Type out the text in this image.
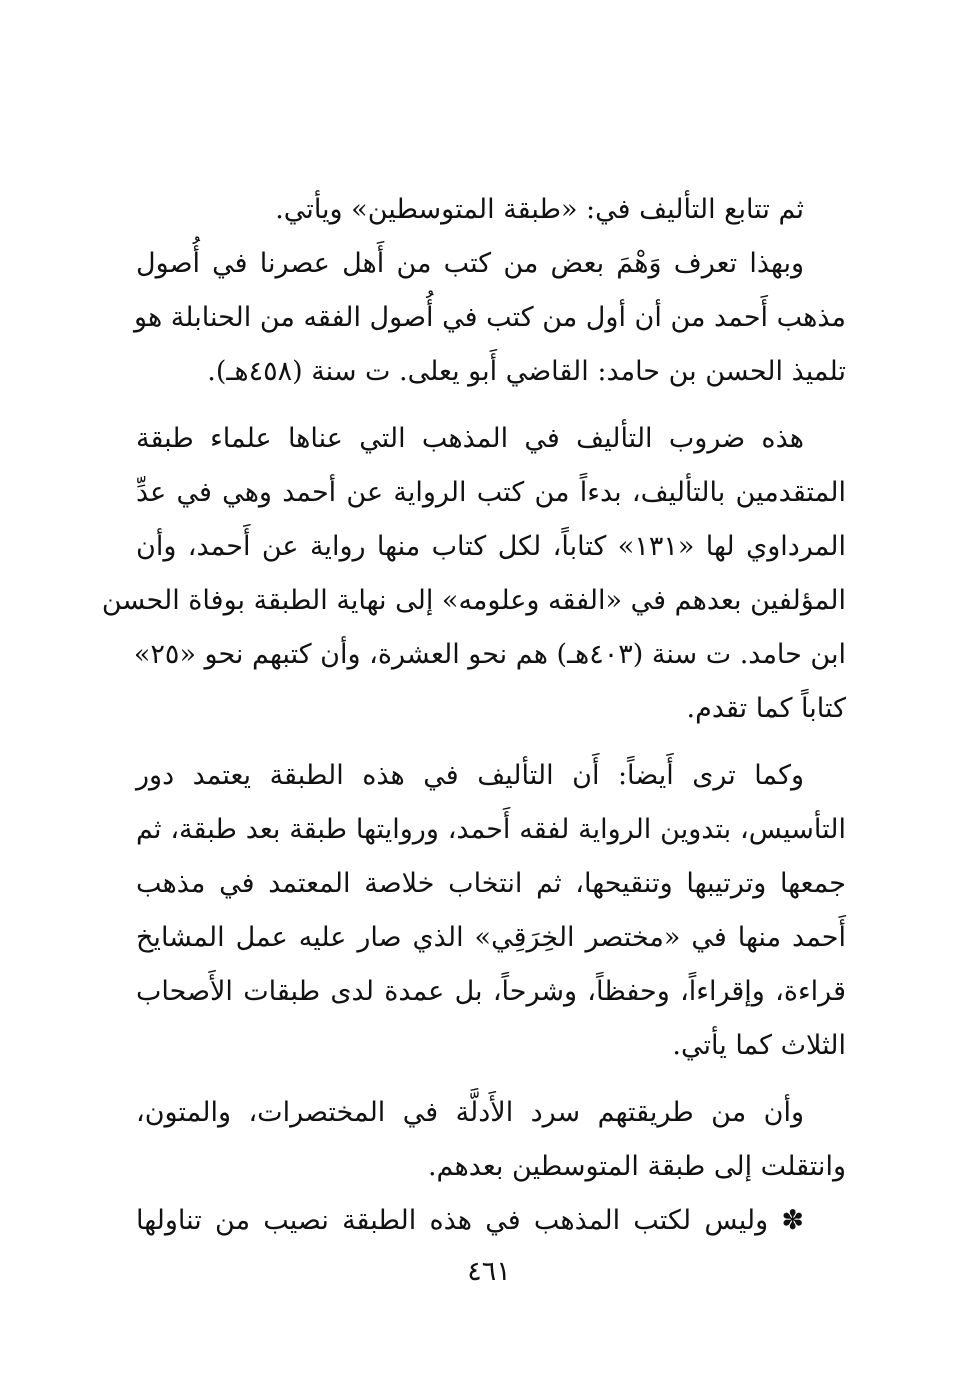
ثم تتابع التأليف في: «طبقة المتوسطين» ويأتي.
وبهذا تعرف وَهْمَ بعض من كتب من أَهل عصرنا في أُصول
مذهب أَحمد من أن أول من كتب في أُصول الفقه من الحنابلة هو
تلميذ الحسن بن حامد: القاضي أَبو يعلى. ت سنة (٤٥٨هـ).
هذه ضروب التأليف في المذهب التي عناها علماء طبقة
المتقدمين بالتأليف، بدءاً من كتب الرواية عن أحمد وهي في عدِّ
المرداوي لها «١٣١» كتاباً، لكل كتاب منها رواية عن أَحمد، وأن
المؤلفين بعدهم في «الفقه وعلومه» إلى نهاية الطبقة بوفاة الحسن
ابن حامد. ت سنة (٤٠٣هـ) هم نحو العشرة، وأن كتبهم نحو «٢٥»
كتاباً كما تقدم.
وكما ترى أَيضاً: أَن التأليف في هذه الطبقة يعتمد دور
التأسيس، بتدوين الرواية لفقه أَحمد، وروايتها طبقة بعد طبقة، ثم
جمعها وترتيبها وتنقيحها، ثم انتخاب خلاصة المعتمد في مذهب
أَحمد منها في «مختصر الخِرَقِي» الذي صار عليه عمل المشايخ
قراءة، وإقراءاً، وحفظاً، وشرحاً، بل عمدة لدى طبقات الأَصحاب
الثلاث كما يأتي.
وأن من طريقتهم سرد الأَدلَّة في المختصرات، والمتون،
وانتقلت إلى طبقة المتوسطين بعدهم.
✽ وليس لكتب المذهب في هذه الطبقة نصيب من تناولها
٤٦١
